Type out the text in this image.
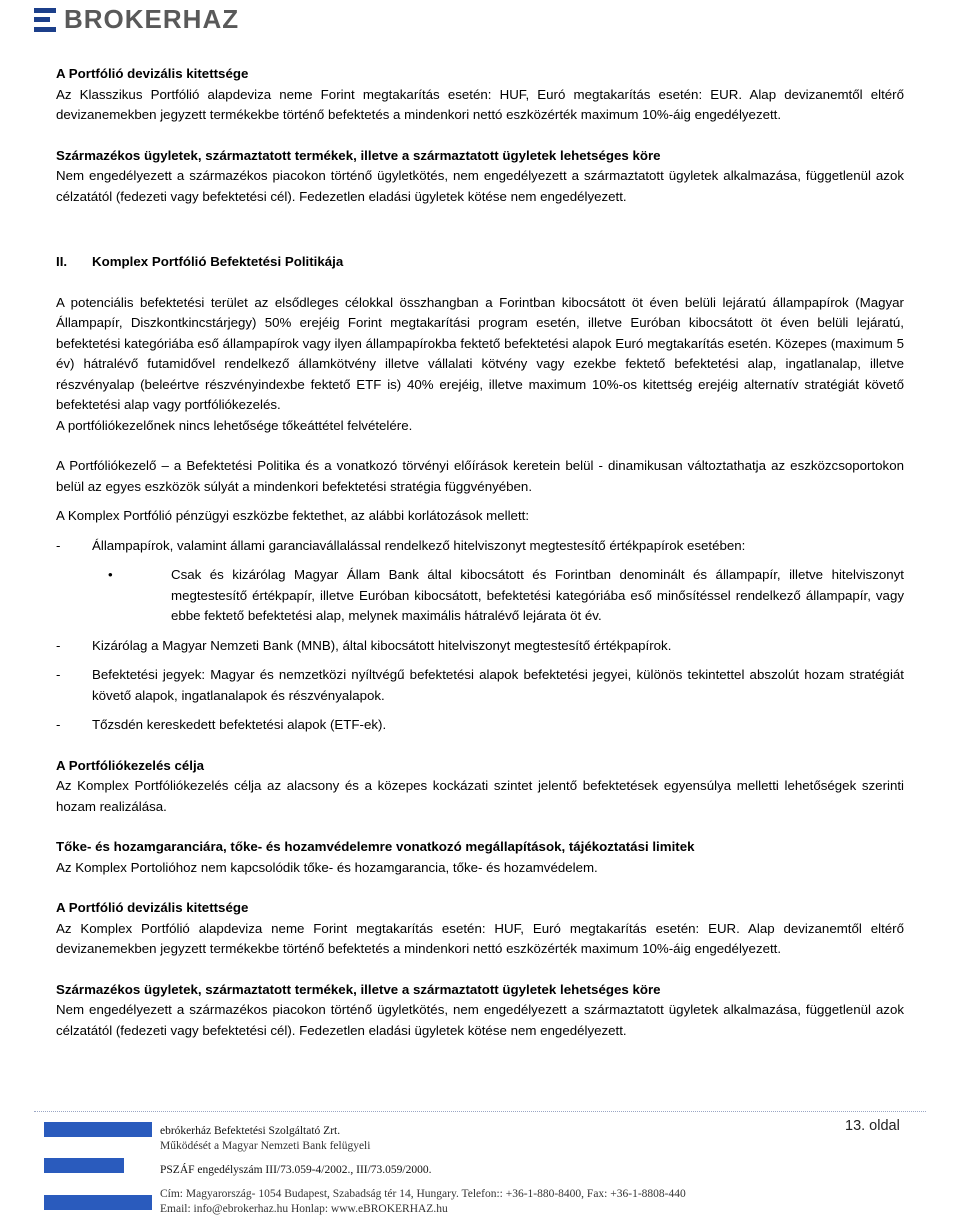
BROKERHAZ

A Portfólió devizális kitettsége

Az Klasszikus Portfólió alapdeviza neme Forint megtakarítás esetén: HUF, Euró megtakarítás esetén: EUR. Alap devizanemtől eltérő devizanemekben jegyzett termékekbe történő befektetés a mindenkori nettó eszközérték maximum 10%-áig engedélyezett.

Származékos ügyletek, származtatott termékek, illetve a származtatott ügyletek lehetséges köre

Nem engedélyezett a származékos piacokon történő ügyletkötés, nem engedélyezett a származtatott ügyletek alkalmazása, függetlenül azok célzatától (fedezeti vagy befektetési cél). Fedezetlen eladási ügyletek kötése nem engedélyezett.

II.	Komplex Portfólió Befektetési Politikája

A potenciális befektetési terület az elsődleges célokkal összhangban a Forintban kibocsátott öt éven belüli lejáratú állampapírok (Magyar Állampapír, Diszkontkincstárjegy) 50% erejéig Forint megtakarítási program esetén, illetve Euróban kibocsátott öt éven belüli lejáratú, befektetési kategóriába eső állampapírok vagy ilyen állampapírokba fektető befektetési alapok Euró megtakarítás esetén. Közepes (maximum 5 év) hátralévő futamidővel rendelkező államkötvény illetve vállalati kötvény vagy ezekbe fektető befektetési alap, ingatlanalap, illetve részvényalap (beleértve részvényindexbe fektető ETF is) 40% erejéig, illetve maximum 10%-os kitettség erejéig alternatív stratégiát követő befektetési alap vagy portfóliókezelés.

A portfóliókezelőnek nincs lehetősége tőkeáttétel felvételére.

A Portfóliókezelő – a Befektetési Politika és a vonatkozó törvényi előírások keretein belül - dinamikusan változtathatja az eszközcsoportokon belül az egyes eszközök súlyát a mindenkori befektetési stratégia függvényében.

A Komplex Portfólió pénzügyi eszközbe fektethet, az alábbi korlátozások mellett:

-	Állampapírok, valamint állami garanciavállalással rendelkező hitelviszonyt megtestesítő értékpapírok esetében:
•	Csak és kizárólag Magyar Állam Bank által kibocsátott és Forintban denominált és állampapír, illetve hitelviszonyt megtestesítő értékpapír, illetve Euróban kibocsátott, befektetési kategóriába eső minősítéssel rendelkező állampapír, vagy ebbe fektető befektetési alap, melynek maximális hátralévő lejárata öt év.
-	Kizárólag a Magyar Nemzeti Bank (MNB), által kibocsátott hitelviszonyt megtestesítő értékpapírok.
-	Befektetési jegyek: Magyar és nemzetközi nyíltvégű befektetési alapok befektetési jegyei, különös tekintettel abszolút hozam stratégiát követő alapok, ingatlanalapok és részvényalapok.
-	Tőzsdén kereskedett befektetési alapok (ETF-ek).

A Portfóliókezelés célja

Az Komplex Portfóliókezelés célja az alacsony és a közepes kockázati szintet jelentő befektetések egyensúlya melletti lehetőségek szerinti hozam realizálása.

Tőke- és hozamgaranciára, tőke- és hozamvédelemre vonatkozó megállapítások, tájékoztatási limitek

Az Komplex Portolióhoz nem kapcsolódik tőke- és hozamgarancia, tőke- és hozamvédelem.

A Portfólió devizális kitettsége

Az Komplex Portfólió alapdeviza neme Forint megtakarítás esetén: HUF, Euró megtakarítás esetén: EUR. Alap devizanemtől eltérő devizanemekben jegyzett termékekbe történő befektetés a mindenkori nettó eszközérték maximum 10%-áig engedélyezett.

Származékos ügyletek, származtatott termékek, illetve a származtatott ügyletek lehetséges köre

Nem engedélyezett a származékos piacokon történő ügyletkötés, nem engedélyezett a származtatott ügyletek alkalmazása, függetlenül azok célzatától (fedezeti vagy befektetési cél). Fedezetlen eladási ügyletek kötése nem engedélyezett.

ebrókerház Befektetési Szolgáltató Zrt.
Működését a Magyar Nemzeti Bank felügyeli
PSZÁF engedélyszám III/73.059-4/2002., III/73.059/2000.
Cím: Magyarország- 1054 Budapest, Szabadság tér 14, Hungary. Telefon:: +36-1-880-8400, Fax: +36-1-8808-440
Email: info@ebrokerhaz.hu Honlap: www.eBROKERHAZ.hu
13. oldal
